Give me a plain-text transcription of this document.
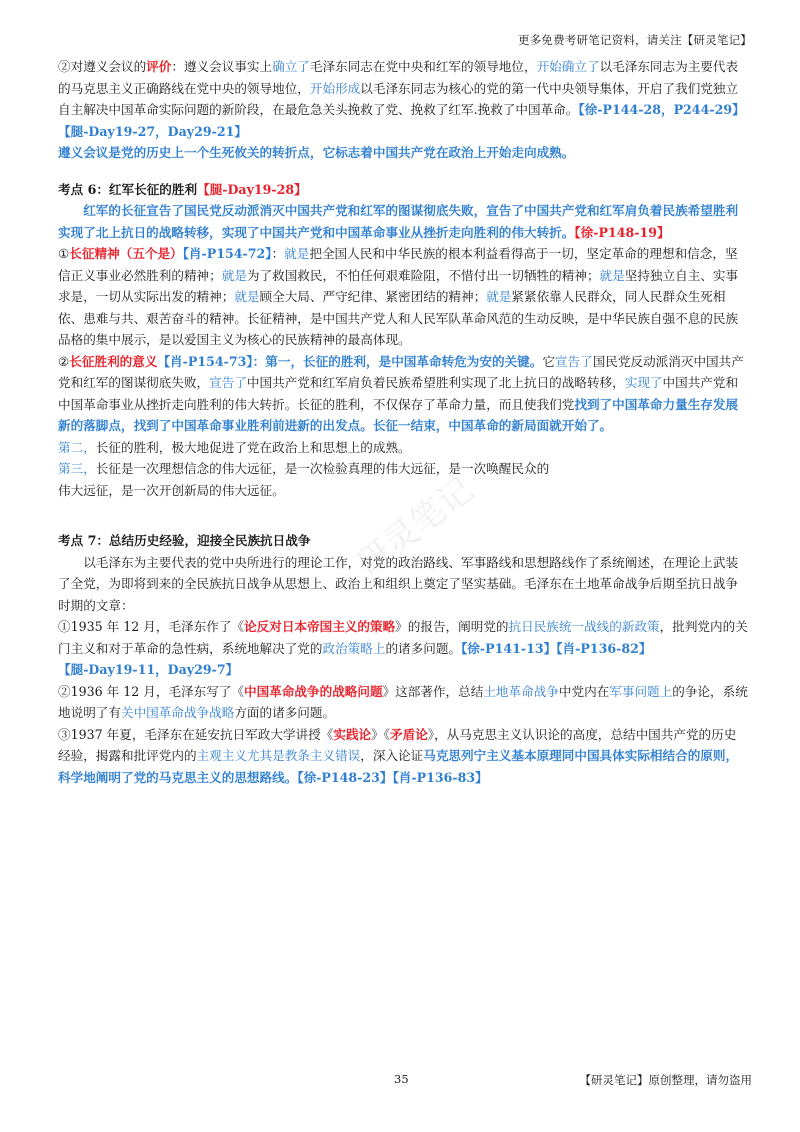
更多免费考研笔记资料，请关注【研灵笔记】
研灵笔记

②对遵义会议的评价：遵义会议事实上确立了毛泽东同志在党中央和红军的领导地位，开始确立了以毛泽东同志为主要代表的马克思主义正确路线在党中央的领导地位，开始形成以毛泽东同志为核心的党的第一代中央领导集体，开启了我们党独立自主解决中国革命实际问题的新阶段，在最危急关头挽救了党、挽救了红军.挽救了中国革命。【徐-P144-28，P244-29】【腿-Day19-27，Day29-21】

遵义会议是党的历史上一个生死攸关的转折点，它标志着中国共产党在政治上开始走向成熟。

考点 6：红军长征的胜利【腿-Day19-28】

红军的长征宣告了国民党反动派消灭中国共产党和红军的图谋彻底失败，宣告了中国共产党和红军肩负着民族希望胜利实现了北上抗日的战略转移，实现了中国共产党和中国革命事业从挫折走向胜利的伟大转折。【徐-P148-19】

①长征精神（五个是）【肖-P154-72】：就是把全国人民和中华民族的根本利益看得高于一切，坚定革命的理想和信念，坚信正义事业必然胜利的精神；就是为了救国救民，不怕任何艰难险阻，不惜付出一切牺牲的精神；就是坚持独立自主、实事求是，一切从实际出发的精神；就是顾全大局、严守纪律、紧密团结的精神；就是紧紧依靠人民群众，同人民群众生死相依、患难与共、艰苦奋斗的精神。长征精神，是中国共产党人和人民军队革命风范的生动反映，是中华民族自强不息的民族品格的集中展示，是以爱国主义为核心的民族精神的最高体现。

②长征胜利的意义【肖-P154-73】：第一，长征的胜利，是中国革命转危为安的关键。它宣告了国民党反动派消灭中国共产党和红军的图谋彻底失败，宣告了中国共产党和红军肩负着民族希望胜利实现了北上抗日的战略转移，实现了中国共产党和中国革命事业从挫折走向胜利的伟大转折。长征的胜利，不仅保存了革命力量，而且使我们党找到了中国革命力量生存发展新的落脚点，找到了中国革命事业胜利前进新的出发点。长征一结束，中国革命的新局面就开始了。

第二，长征的胜利，极大地促进了党在政治上和思想上的成熟。

第三，长征是一次理想信念的伟大远征，是一次检验真理的伟大远征，是一次唤醒民众的

伟大远征，是一次开创新局的伟大远征。

考点 7：总结历史经验，迎接全民族抗日战争

以毛泽东为主要代表的党中央所进行的理论工作，对党的政治路线、军事路线和思想路线作了系统阐述，在理论上武装了全党，为即将到来的全民族抗日战争从思想上、政治上和组织上奠定了坚实基础。毛泽东在土地革命战争后期至抗日战争时期的文章：

①1935 年 12 月，毛泽东作了《论反对日本帝国主义的策略》的报告，阐明党的抗日民族统一战线的新政策，批判党内的关门主义和对于革命的急性病，系统地解决了党的政治策略上的诸多问题。【徐-P141-13】【肖-P136-82】
【腿-Day19-11，Day29-7】

②1936 年 12 月，毛泽东写了《中国革命战争的战略问题》这部著作，总结土地革命战争中党内在军事问题上的争论，系统地说明了有关中国革命战争战略方面的诸多问题。

③1937 年夏，毛泽东在延安抗日军政大学讲授《实践论》《矛盾论》，从马克思主义认识论的高度，总结中国共产党的历史经验，揭露和批评党内的主观主义尤其是教条主义错误，深入论证马克思列宁主义基本原理同中国具体实际相结合的原则，科学地阐明了党的马克思主义的思想路线。【徐-P148-23】【肖-P136-83】

35	【研灵笔记】原创整理，请勿盗用
